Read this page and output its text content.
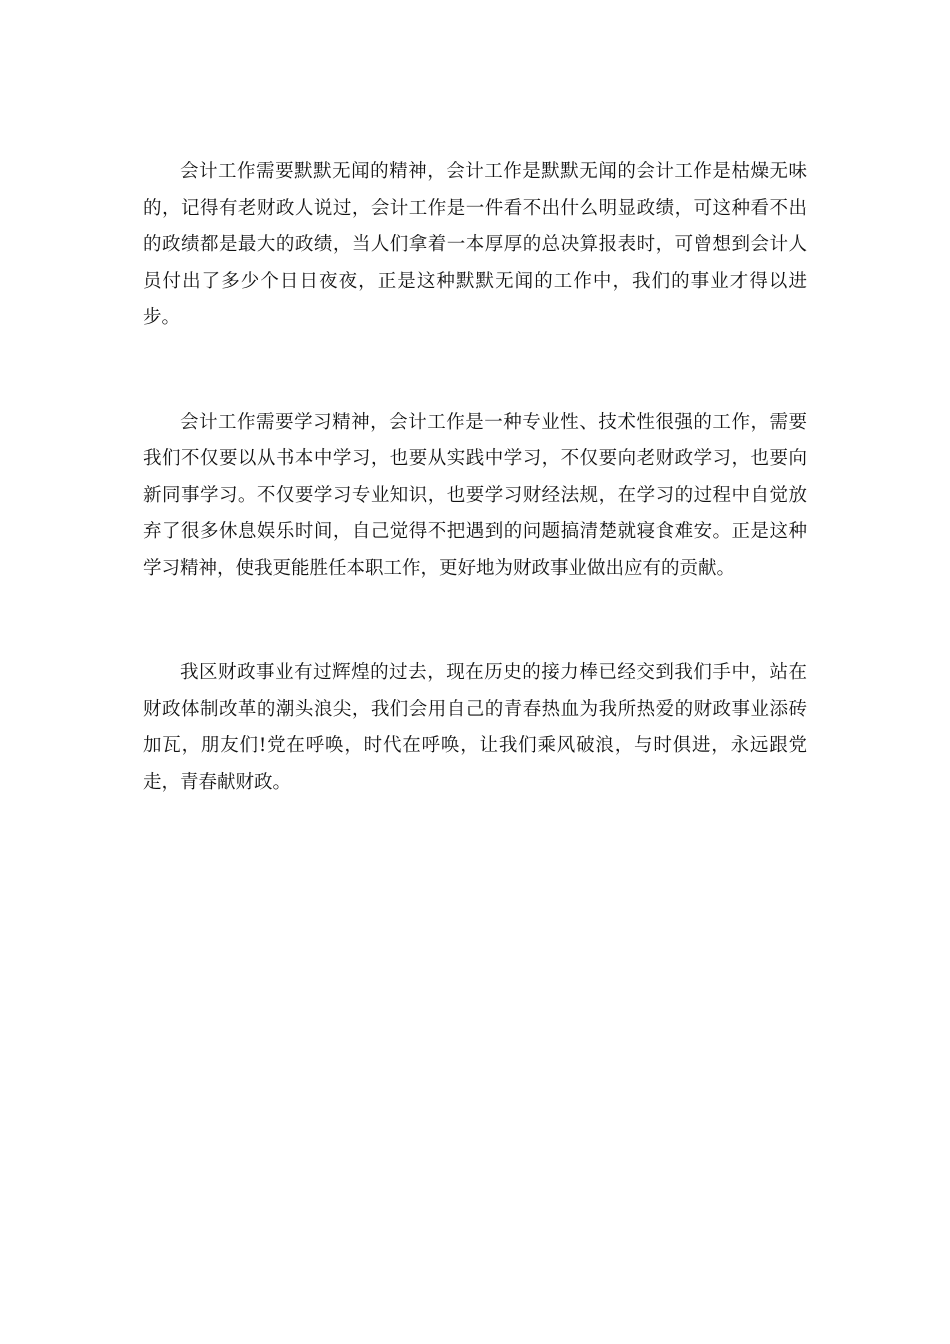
会计工作需要默默无闻的精神，会计工作是默默无闻的会计工作是枯燥无味的，记得有老财政人说过，会计工作是一件看不出什么明显政绩，可这种看不出的政绩都是最大的政绩，当人们拿着一本厚厚的总决算报表时，可曾想到会计人员付出了多少个日日夜夜，正是这种默默无闻的工作中，我们的事业才得以进步。

会计工作需要学习精神，会计工作是一种专业性、技术性很强的工作，需要我们不仅要以从书本中学习，也要从实践中学习，不仅要向老财政学习，也要向新同事学习。不仅要学习专业知识，也要学习财经法规，在学习的过程中自觉放弃了很多休息娱乐时间，自己觉得不把遇到的问题搞清楚就寝食难安。正是这种学习精神，使我更能胜任本职工作，更好地为财政事业做出应有的贡献。

我区财政事业有过辉煌的过去，现在历史的接力棒已经交到我们手中，站在财政体制改革的潮头浪尖，我们会用自己的青春热血为我所热爱的财政事业添砖加瓦，朋友们!党在呼唤，时代在呼唤，让我们乘风破浪，与时俱进，永远跟党走，青春献财政。
